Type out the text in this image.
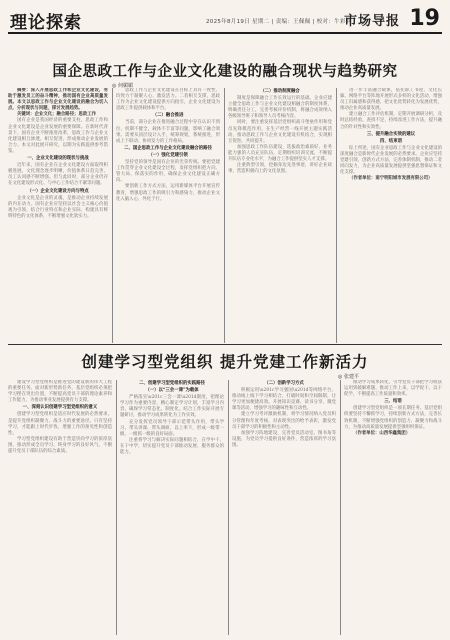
理论探索	2025年8月19日 星期二 | 责编：王佩佩 | 校对：牛彩莉
市场导报 19
国企思政工作与企业文化建设的融合现状与趋势研究
◎ 何媚媚

摘要：深入开展思政工作和企业文化建设，有助于激发员工的奋斗精神，推动国有企业高质量发展。本文以思政工作与企业文化建设的融合为切入点，分析现状与问题，探讨发展趋势。

关键词：企业文化；融合路径；思政工作

国有企业是我国经济的重要支柱，思政工作和企业文化建设是企业发展的重要保障。在新时代背景下，国有企业不断推进改革，思政工作与企业文化建设相互渗透、相互促进，形成推动企业发展的合力。本文对此展开研究，以期为实践提供参考借鉴。

一、企业文化建设的现状与挑战

近年来，国有企业在企业文化建设方面取得积极进展，文化理念逐步明晰，价值体系日趋完善，员工认同感不断增强。但与此同时，部分企业仍存在文化建设形式化、与中心工作结合不紧等问题。

（一）企业文化建设方向与特点

企业文化是企业的灵魂，是推动企业持续发展的内在动力。国有企业应坚持以社会主义核心价值观为引领，结合行业特点和企业实际，构建具有鲜明特色的文化体系，不断增强文化软实力。

思政工作与企业文化建设在目标上具有一致性，均致力于凝聚人心、激发活力。二者相互支撑，思政工作为企业文化建设提供方向指引，企业文化建设为思政工作提供载体和平台。

（二）融合推进

当前，部分企业在推进融合过程中存在认识不到位、机制不健全、载体不丰富等问题，影响了融合效果。需要从顶层设计入手，统筹规划，系统推进，形成上下联动、协同发力的工作格局。

二、国企思政工作与企业文化建设融合的路径
（一）强化党建引领

坚持党的领导是国有企业的光荣传统。要把党建工作贯穿企业文化建设全过程，发挥党组织把方向、管大局、保落实的作用，确保企业文化建设正确方向。

要创新工作方式方法，运用新媒体平台开展宣传教育，增强思政工作的吸引力和感染力，推动企业文化入脑入心、外化于行。

（二）推动制度融合

制度是保障融合工作长效运行的基础。企业应建立健全思政工作与企业文化建设相融合的制度体系，明确责任分工，完善考核评价机制，将融合成效纳入各级领导班子和领导人员考核内容。

同时，要注重发挥基层党组织战斗堡垒作用和党员先锋模范作用，在生产经营一线开展主题实践活动，推动思政工作与企业文化建设有机结合，实现相互促进、共同提升。

加强思政工作队伍建设，选拔政治素质好、业务能力强的人员充实队伍，定期组织培训交流，不断提升队伍专业化水平，为融合工作提供坚实人才支撑。

注重典型引领，挖掘身边先进事迹，讲好企业故事，营造积极向上的文化氛围。

进一步丰富融合载体，依托职工书屋、文化长廊、网络平台等阵地开展形式多样的文化活动，增强员工归属感和获得感，把文化优势转化为发展优势，推动企业高质量发展。

建立融合工作评估机制，定期开展调研分析，及时总结经验、查找不足，持续改进工作方法，提升融合的针对性和实效性。

三、提升融合实效的建议
四、结束语

综上所述，国有企业思政工作与企业文化建设的深度融合是新时代企业发展的必然要求。企业应坚持党建引领，创新方式方法，完善体制机制，推动二者同向发力，为企业高质量发展提供坚强思想保证和文化支撑。

（作者单位：南宁明阳城市发展有限公司）

创建学习型党组织 提升党建工作新活力
◎ 张建平

建设学习型党组织是推进党的建设新的伟大工程的重要任务。面对新形势新任务，基层党组织必须把学习摆在突出位置，不断提高党员干部的理论素养和工作能力，为推动事业发展提供有力支撑。

一、深刻认识创建学习型党组织的意义

创建学习型党组织是适应时代发展的必然要求，是提升党组织凝聚力、战斗力的重要途径。只有坚持学习，才能跟上时代步伐，增强工作的预见性和创造性。

学习型党组织建设有助于营造崇尚学习的浓厚氛围，推动形成全员学习、终身学习的良好风气，不断提升党员干部队伍的综合素质。

二、创建学习型党组织的实践路径
（一）以“三会一课”为载体

严格落实\u201c三会一课\u201d制度，把理论学习作为重要内容，精心制定学习计划，丰富学习内容，确保学习常态化、制度化。结合工作实际开展专题研讨，推动学习成果转化为工作实效。

充分发挥党员领导干部示范带头作用，带头学习、带头讲课、带头调研，以上率下，形成一级带一级、一级抓一级的良好局面。

注重将学习与解决实际问题相结合，在学中干、在干中学，切实提升党员干部推动发展、服务群众的能力。

（二）创新学习方式

积极运用\u201c学习强国\u201d等网络平台，推动线上线下学习相结合，打破时间和空间限制，让学习更加便捷高效。开展知识竞赛、读书分享、微党课等活动，增强学习的趣味性和互动性。

建立学习考评激励机制，将学习情况纳入党员积分管理和年度考核，对表现突出的给予表彰，激发党员干部学习的积极性和主动性。

加强学习阵地建设，完善党员活动室、图书角等设施，为党员学习提供良好条件，营造浓厚的学习氛围。

推动学习成果转化，引导党员干部把学习收获运用到破解难题、推动工作上来，以学促干、以干促学，不断提高工作质量和效率。

三、结语

创建学习型党组织是一项长期任务。基层党组织要坚持不懈抓学习，持续创新方式方法，完善长效机制，不断增强党组织的创造力、凝聚力和战斗力，为推动高质量发展提供坚强组织保证。

（作者单位：山西华鑫集团）
